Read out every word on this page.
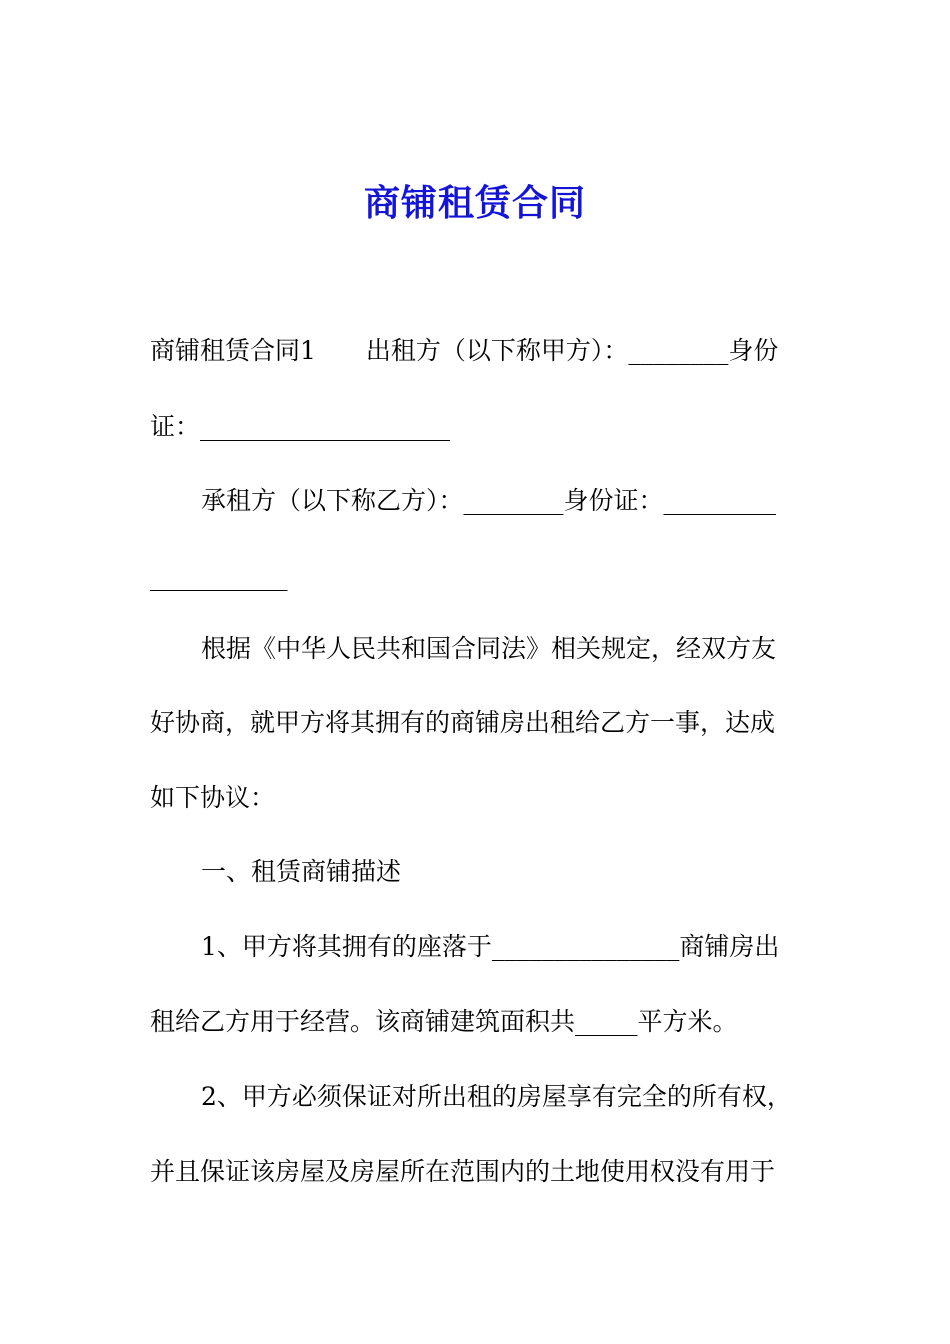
商铺租赁合同
商铺租赁合同1　　出租方（以下称甲方）：________身份
证：____________________
承租方（以下称乙方）：________身份证：_________
___________
根据《中华人民共和国合同法》相关规定，经双方友
好协商，就甲方将其拥有的商铺房出租给乙方一事，达成
如下协议：
一、租赁商铺描述
1、甲方将其拥有的座落于_______________商铺房出
租给乙方用于经营。该商铺建筑面积共_____平方米。
2、甲方必须保证对所出租的房屋享有完全的所有权，
并且保证该房屋及房屋所在范围内的土地使用权没有用于
